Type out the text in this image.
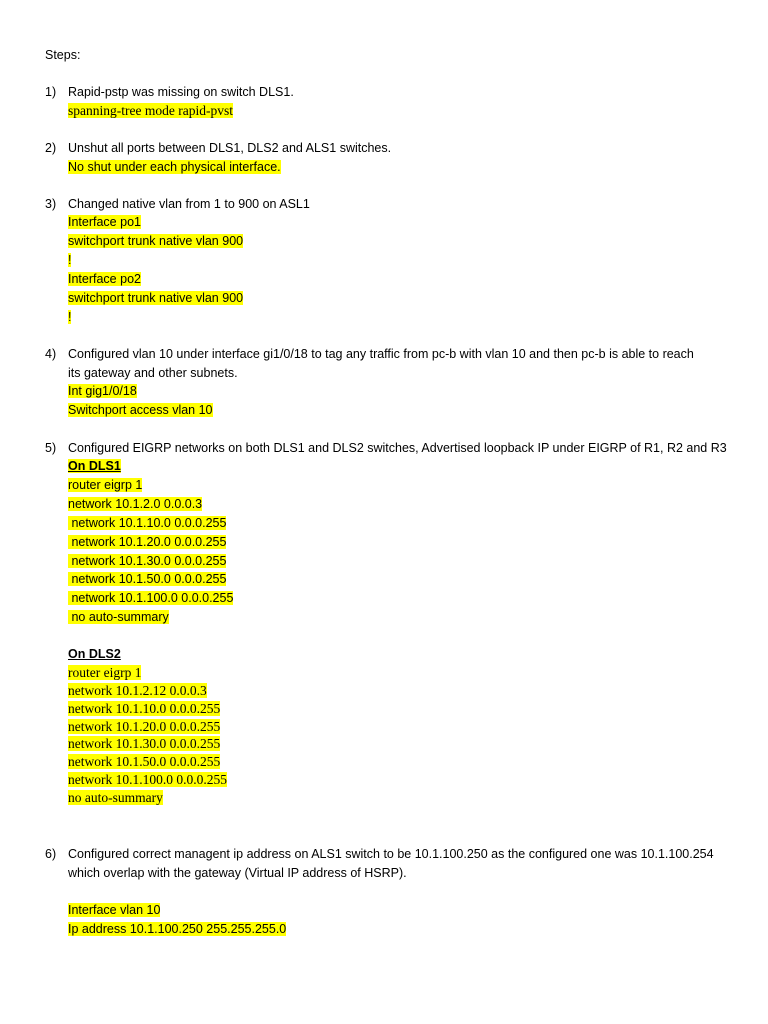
Steps:
1) Rapid-pstp was missing on switch DLS1.
spanning-tree mode rapid-pvst
2) Unshut all ports between DLS1, DLS2 and ALS1 switches.
No shut under each physical interface.
3) Changed native vlan from 1 to 900 on ASL1
Interface po1
switchport trunk native vlan 900
!
Interface po2
switchport trunk native vlan 900
!
4) Configured vlan 10 under interface gi1/0/18 to tag any traffic from pc-b with vlan 10 and then pc-b is able to reach
its gateway and other subnets.
Int gig1/0/18
Switchport access vlan 10
5) Configured EIGRP networks on both DLS1 and DLS2 switches, Advertised loopback IP under EIGRP of R1, R2 and R3
On DLS1
router eigrp 1
network 10.1.2.0 0.0.0.3
network 10.1.10.0 0.0.0.255
network 10.1.20.0 0.0.0.255
network 10.1.30.0 0.0.0.255
network 10.1.50.0 0.0.0.255
network 10.1.100.0 0.0.0.255
no auto-summary
On DLS2
router eigrp 1
network 10.1.2.12 0.0.0.3
network 10.1.10.0 0.0.0.255
network 10.1.20.0 0.0.0.255
network 10.1.30.0 0.0.0.255
network 10.1.50.0 0.0.0.255
network 10.1.100.0 0.0.0.255
no auto-summary
6) Configured correct managent ip address on ALS1 switch to be 10.1.100.250 as the configured one was 10.1.100.254
which overlap with the gateway (Virtual IP address of HSRP).
Interface vlan 10
Ip address 10.1.100.250 255.255.255.0
